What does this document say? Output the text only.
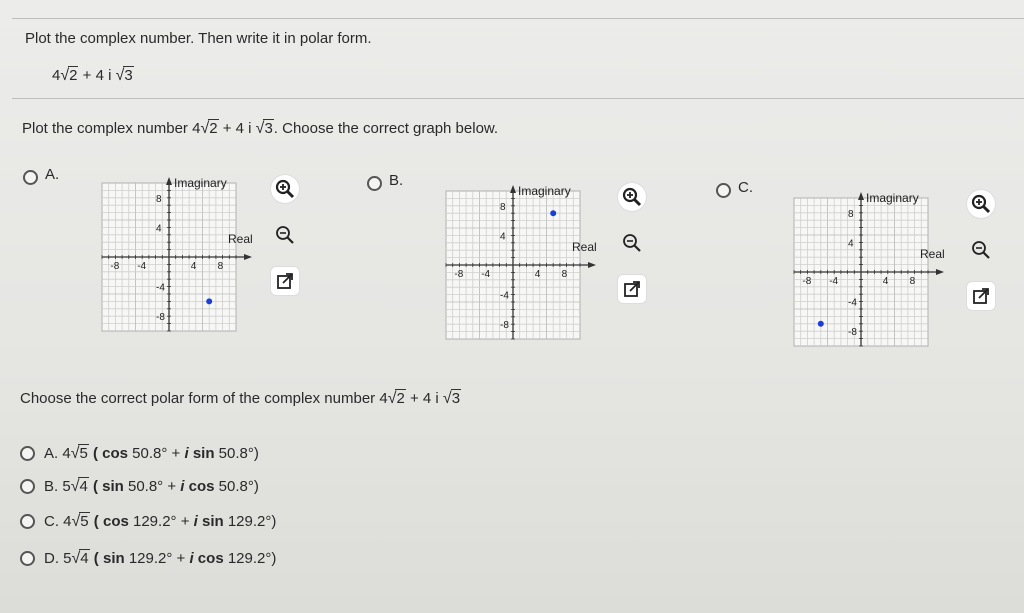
Plot the complex number. Then write it in polar form.
4√2 + 4 i √3
Plot the complex number 4√2 + 4 i √3. Choose the correct graph below.
A.	Imaginary
Real
-8 -4	4 8
8
4
-4
-8
B.
Imaginary
Real
-8 -4	4 8
8
4
-4
-8
C.
Imaginary
Real
-8 -4	4 8
8
4
-4
-8
Choose the correct polar form of the complex number 4√2 + 4 i √3
A. 4√5 ( cos 50.8° + i sin 50.8°)
B. 5√4 ( sin 50.8° + i cos 50.8°)
C. 4√5 ( cos 129.2° + i sin 129.2°)
D. 5√4 ( sin 129.2° + i cos 129.2°)
